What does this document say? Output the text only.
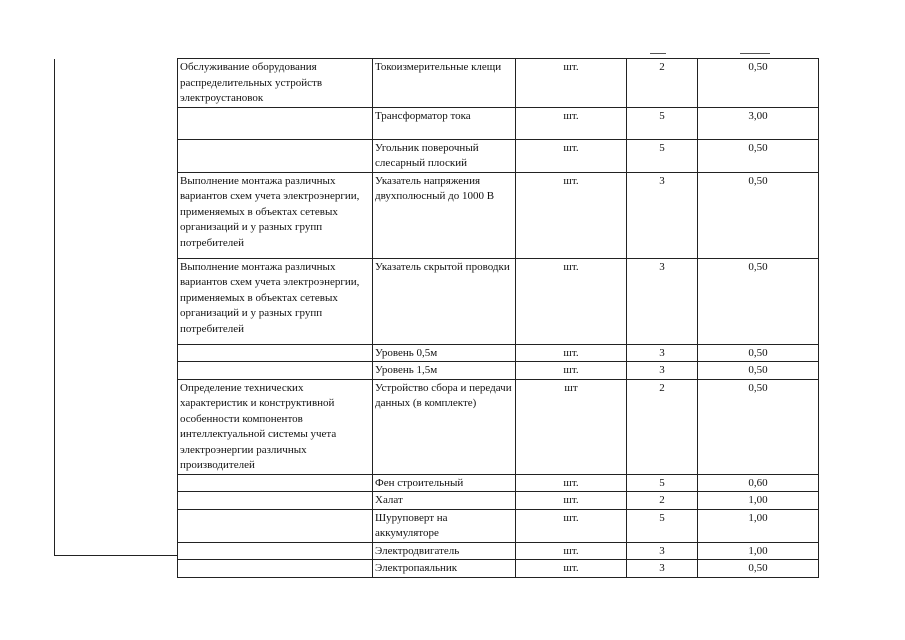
Обслуживание оборудования распределительных устройств электроустановок	Токоизмерительные клещи	шт.	2	0,50
	Трансформатор тока	шт.	5	3,00
	Угольник поверочный слесарный плоский	шт.	5	0,50
Выполнение монтажа различных вариантов схем учета электроэнергии, применяемых в объектах сетевых организаций и у разных групп потребителей	Указатель напряжения двухполюсный до 1000 В	шт.	3	0,50
Выполнение монтажа различных вариантов схем учета электроэнергии, применяемых в объектах сетевых организаций и у разных групп потребителей	Указатель скрытой проводки	шт.	3	0,50
	Уровень 0,5м	шт.	3	0,50
	Уровень 1,5м	шт.	3	0,50
Определение технических характеристик и конструктивной особенности компонентов интеллектуальной системы учета электроэнергии различных производителей	Устройство сбора и передачи данных (в комплекте)	шт	2	0,50
	Фен строительный	шт.	5	0,60
	Халат	шт.	2	1,00
	Шуруповерт на аккумуляторе	шт.	5	1,00
	Электродвигатель	шт.	3	1,00
	Электропаяльник	шт.	3	0,50
